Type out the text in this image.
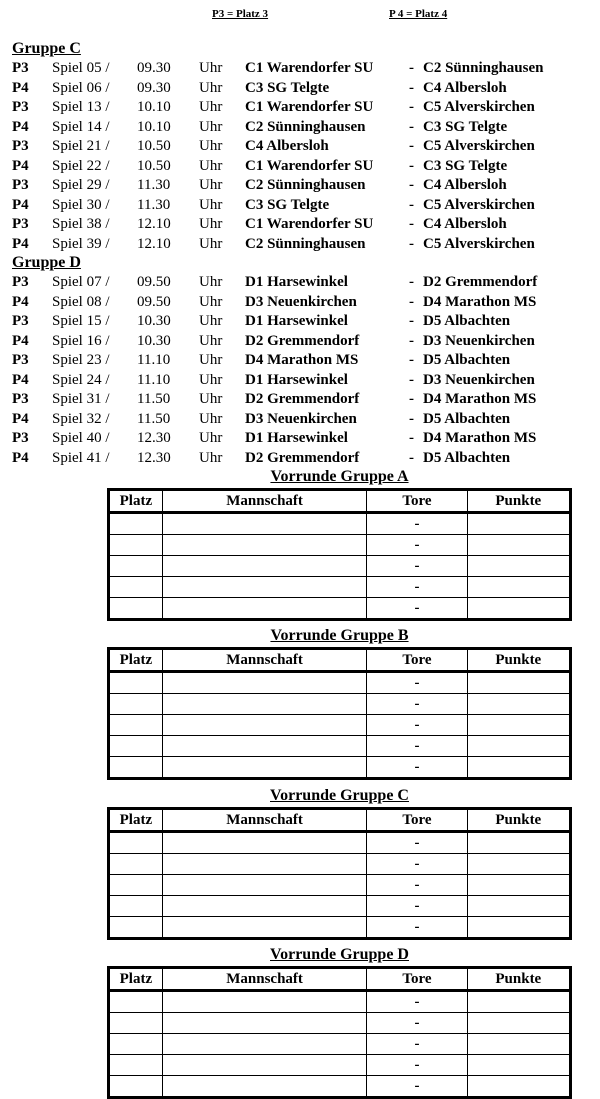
P3 = Platz 3	P 4 = Platz 4
Gruppe C
P3 Spiel 05 / 09.30 Uhr C1 Warendorfer SU - C2 Sünninghausen
P4 Spiel 06 / 09.30 Uhr C3 SG Telgte	- C4 Albersloh
P3 Spiel 13 / 10.10 Uhr C1 Warendorfer SU - C5 Alverskirchen
P4 Spiel 14 / 10.10 Uhr C2 Sünninghausen	- C3 SG Telgte
P3 Spiel 21 / 10.50 Uhr C4 Albersloh	- C5 Alverskirchen
P4 Spiel 22 / 10.50 Uhr C1 Warendorfer SU - C3 SG Telgte
P3 Spiel 29 / 11.30 Uhr C2 Sünninghausen	- C4 Albersloh
P4 Spiel 30 / 11.30 Uhr C3 SG Telgte	- C5 Alverskirchen
P3 Spiel 38 / 12.10 Uhr C1 Warendorfer SU - C4 Albersloh
P4 Spiel 39 / 12.10 Uhr C2 Sünninghausen	- C5 Alverskirchen
Gruppe D
P3 Spiel 07 / 09.50 Uhr D1 Harsewinkel	- D2 Gremmendorf
P4 Spiel 08 / 09.50 Uhr D3 Neuenkirchen	- D4 Marathon MS
P3 Spiel 15 / 10.30 Uhr D1 Harsewinkel	- D5 Albachten
P4 Spiel 16 / 10.30 Uhr D2 Gremmendorf	- D3 Neuenkirchen
P3 Spiel 23 / 11.10 Uhr D4 Marathon MS	- D5 Albachten
P4 Spiel 24 / 11.10 Uhr D1 Harsewinkel	- D3 Neuenkirchen
P3 Spiel 31 / 11.50 Uhr D2 Gremmendorf	- D4 Marathon MS
P4 Spiel 32 / 11.50 Uhr D3 Neuenkirchen	- D5 Albachten
P3 Spiel 40 / 12.30 Uhr D1 Harsewinkel	- D4 Marathon MS
P4 Spiel 41 / 12.30 Uhr D2 Gremmendorf	- D5 Albachten
Vorrunde Gruppe A
Platz	Mannschaft	Tore	Punkte
		-	
		-	
		-	
		-	
		-	
Vorrunde Gruppe B
Platz	Mannschaft	Tore	Punkte
		-	
		-	
		-	
		-	
		-	
Vorrunde Gruppe C
Platz	Mannschaft	Tore	Punkte
		-	
		-	
		-	
		-	
		-	
Vorrunde Gruppe D
Platz	Mannschaft	Tore	Punkte
		-	
		-	
		-	
		-	
		-	
